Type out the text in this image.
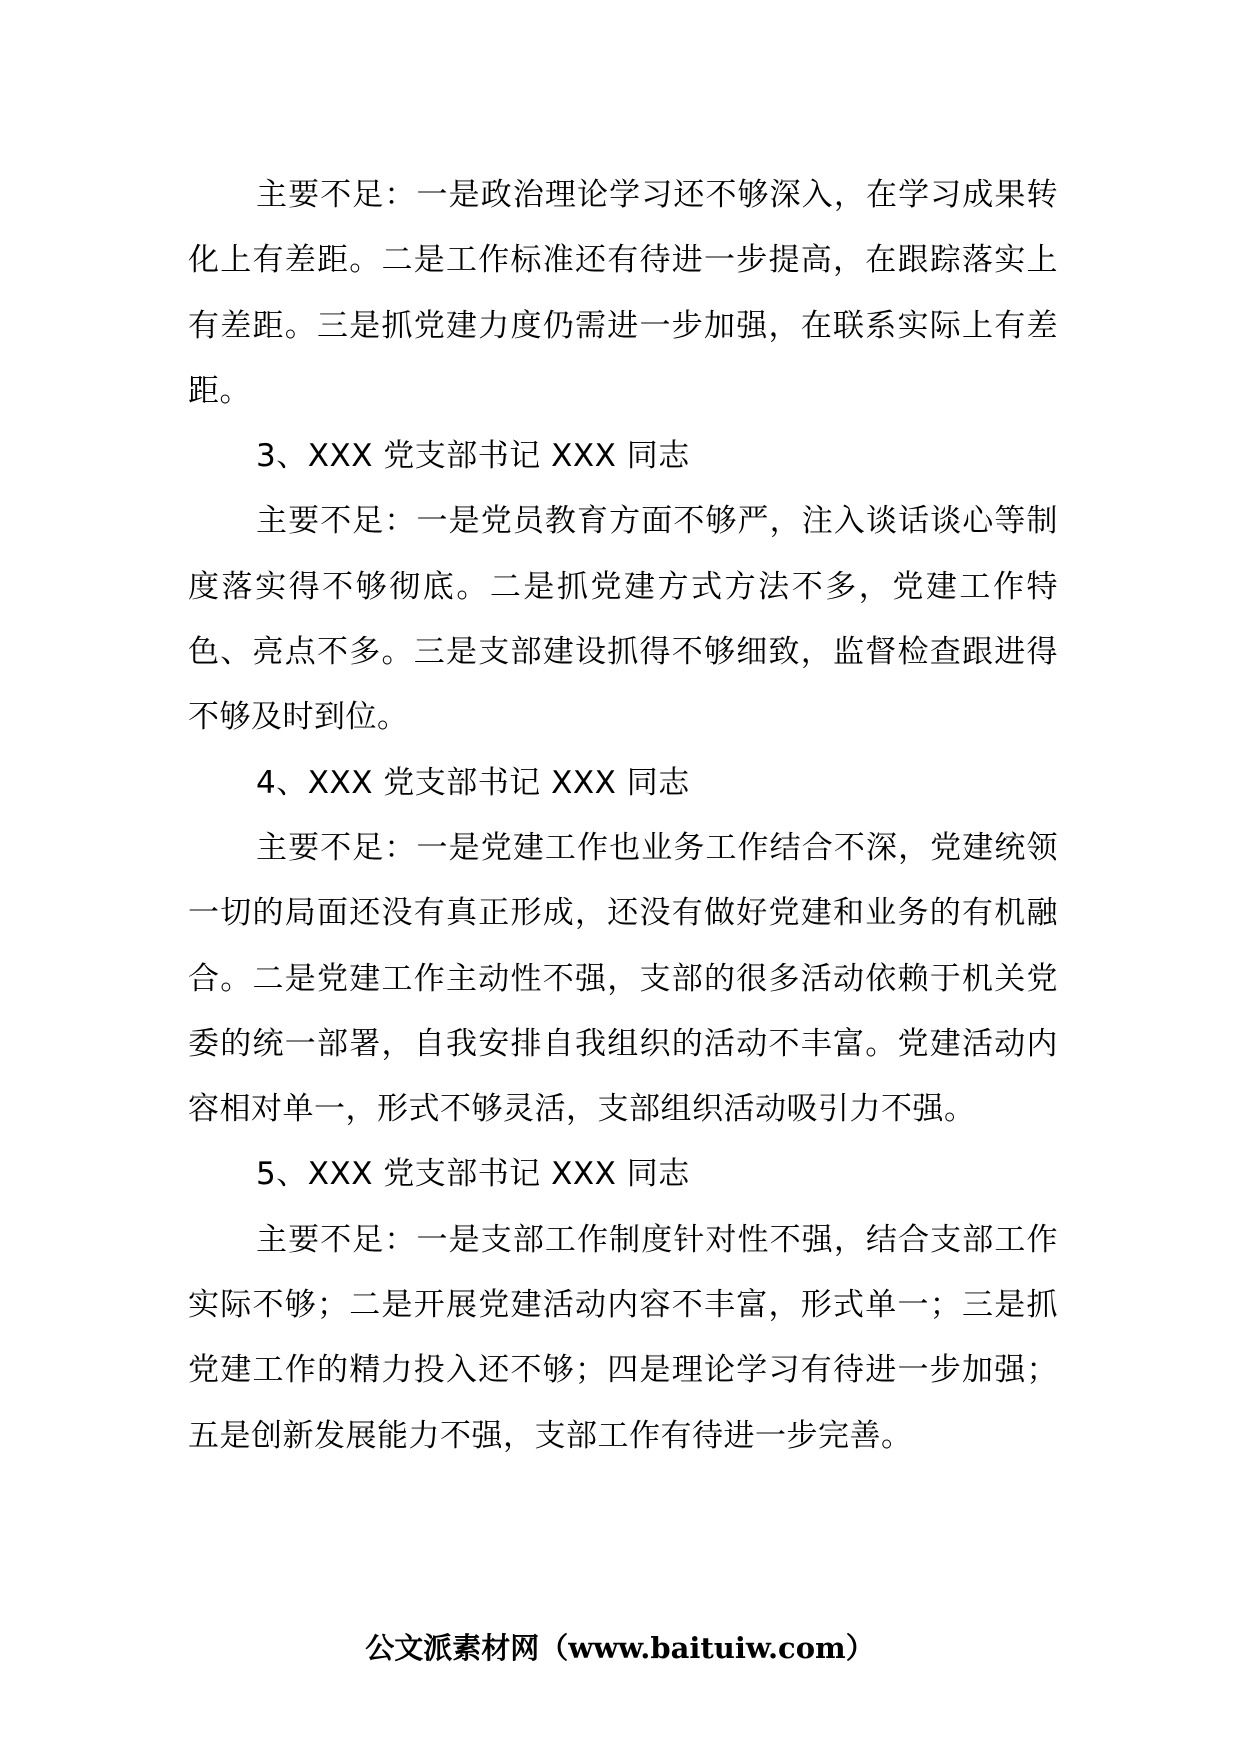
主要不足：一是政治理论学习还不够深入，在学习成果转化上有差距。二是工作标准还有待进一步提高，在跟踪落实上有差距。三是抓党建力度仍需进一步加强，在联系实际上有差距。

3、XXX 党支部书记 XXX 同志

主要不足：一是党员教育方面不够严，注入谈话谈心等制度落实得不够彻底。二是抓党建方式方法不多，党建工作特色、亮点不多。三是支部建设抓得不够细致，监督检查跟进得不够及时到位。

4、XXX 党支部书记 XXX 同志

主要不足：一是党建工作也业务工作结合不深，党建统领一切的局面还没有真正形成，还没有做好党建和业务的有机融合。二是党建工作主动性不强，支部的很多活动依赖于机关党委的统一部署，自我安排自我组织的活动不丰富。党建活动内容相对单一，形式不够灵活，支部组织活动吸引力不强。

5、XXX 党支部书记 XXX 同志

主要不足：一是支部工作制度针对性不强，结合支部工作实际不够；二是开展党建活动内容不丰富，形式单一；三是抓党建工作的精力投入还不够；四是理论学习有待进一步加强；五是创新发展能力不强，支部工作有待进一步完善。

公文派素材网（www.baituiw.com）
